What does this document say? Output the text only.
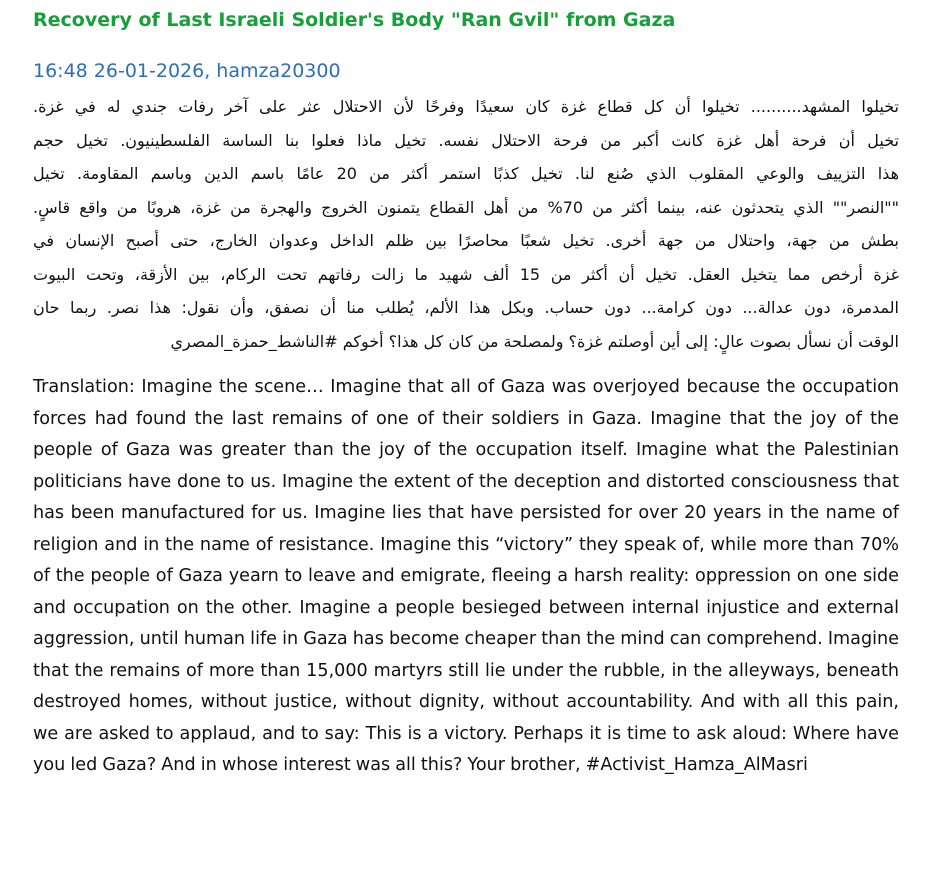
Recovery of Last Israeli Soldier's Body "Ran Gvil" from Gaza
16:48 26-01-2026, hamza20300
تخيلوا المشهد.......... تخيلوا أن كل قطاع غزة كان سعيدًا وفرحًا لأن الاحتلال عثر على آخر رفات جندي له في غزة.
تخيل أن فرحة أهل غزة كانت أكبر من فرحة الاحتلال نفسه. تخيل ماذا فعلوا بنا الساسة الفلسطينيون. تخيل حجم
هذا التزييف والوعي المقلوب الذي صُنع لنا. تخيل كذبًا استمر أكثر من 20 عامًا باسم الدين وباسم المقاومة. تخيل
""النصر"" الذي يتحدثون عنه، بينما أكثر من 70% من أهل القطاع يتمنون الخروج والهجرة من غزة، هروبًا من واقع قاسٍ.
بطش من جهة، واحتلال من جهة أخرى. تخيل شعبًا محاصرًا بين ظلم الداخل وعدوان الخارج، حتى أصبح الإنسان في
غزة أرخص مما يتخيل العقل. تخيل أن أكثر من 15 ألف شهيد ما زالت رفاتهم تحت الركام، بين الأزقة، وتحت البيوت
المدمرة، دون عدالة... دون كرامة... دون حساب. وبكل هذا الألم، يُطلب منا أن نصفق، وأن نقول: هذا نصر. ربما حان
الوقت أن نسأل بصوت عالٍ: إلى أين أوصلتم غزة؟ ولمصلحة من كان كل هذا؟ أخوكم #الناشط_حمزة_المصري
Translation: Imagine the scene… Imagine that all of Gaza was overjoyed because the occupation forces had found the last remains of one of their soldiers in Gaza. Imagine that the joy of the people of Gaza was greater than the joy of the occupation itself. Imagine what the Palestinian politicians have done to us. Imagine the extent of the deception and distorted consciousness that has been manufactured for us. Imagine lies that have persisted for over 20 years in the name of religion and in the name of resistance. Imagine this “victory” they speak of, while more than 70% of the people of Gaza yearn to leave and emigrate, fleeing a harsh reality: oppression on one side and occupation on the other. Imagine a people besieged between internal injustice and external aggression, until human life in Gaza has become cheaper than the mind can comprehend. Imagine that the remains of more than 15,000 martyrs still lie under the rubble, in the alleyways, beneath destroyed homes, without justice, without dignity, without accountability. And with all this pain, we are asked to applaud, and to say: This is a victory. Perhaps it is time to ask aloud: Where have you led Gaza? And in whose interest was all this? Your brother, #Activist_Hamza_AlMasri
